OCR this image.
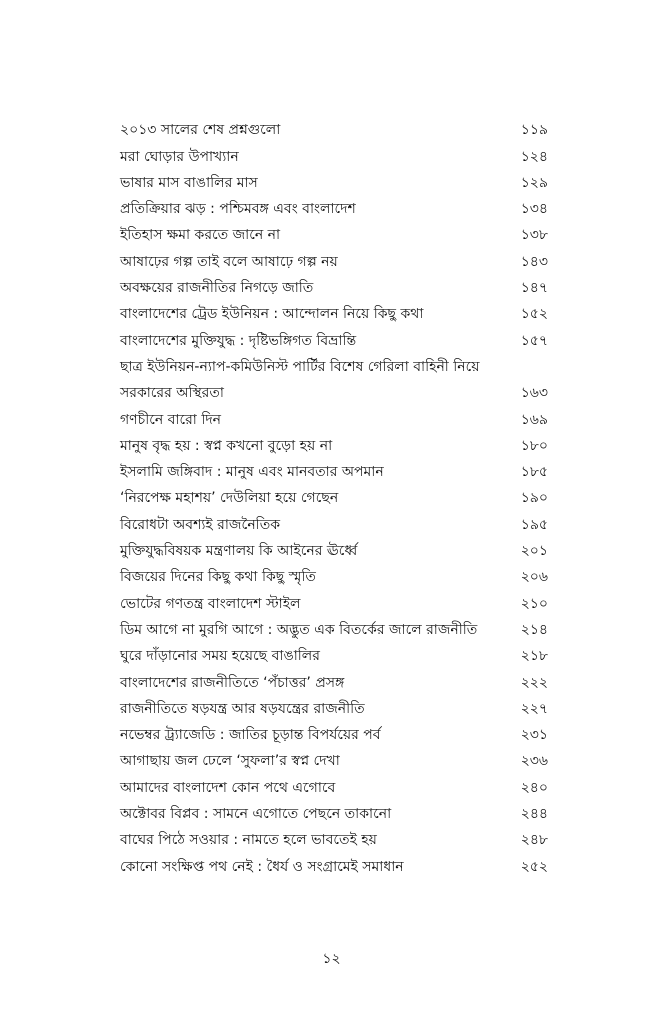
২০১৩ সালের শেষ প্রশ্নগুলো	১১৯
মরা ঘোড়ার উপাখ্যান	১২৪
ভাষার মাস বাঙালির মাস	১২৯
প্রতিক্রিয়ার ঝড় : পশ্চিমবঙ্গ এবং বাংলাদেশ	১৩৪
ইতিহাস ক্ষমা করতে জানে না	১৩৮
আষাঢ়ের গল্প তাই বলে আষাঢ়ে গল্প নয়	১৪৩
অবক্ষয়ের রাজনীতির নিগড়ে জাতি	১৪৭
বাংলাদেশের ট্রেড ইউনিয়ন : আন্দোলন নিয়ে কিছু কথা	১৫২
বাংলাদেশের মুক্তিযুদ্ধ : দৃষ্টিভঙ্গিগত বিভ্রান্তি	১৫৭
ছাত্র ইউনিয়ন-ন্যাপ-কমিউনিস্ট পার্টির বিশেষ গেরিলা বাহিনী নিয়ে সরকারের অস্থিরতা	১৬৩
গণচীনে বারো দিন	১৬৯
মানুষ বৃদ্ধ হয় : স্বপ্ন কখনো বুড়ো হয় না	১৮০
ইসলামি জঙ্গিবাদ : মানুষ এবং মানবতার অপমান	১৮৫
‘নিরপেক্ষ মহাশয়’ দেউলিয়া হয়ে গেছেন	১৯০
বিরোধটা অবশ্যই রাজনৈতিক	১৯৫
মুক্তিযুদ্ধবিষয়ক মন্ত্রণালয় কি আইনের ঊর্ধ্বে	২০১
বিজয়ের দিনের কিছু কথা কিছু স্মৃতি	২০৬
ভোটের গণতন্ত্র বাংলাদেশ স্টাইল	২১০
ডিম আগে না মুরগি আগে : অদ্ভুত এক বিতর্কের জালে রাজনীতি	২১৪
ঘুরে দাঁড়ানোর সময় হয়েছে বাঙালির	২১৮
বাংলাদেশের রাজনীতিতে ‘পঁচাত্তর’ প্রসঙ্গ	২২২
রাজনীতিতে ষড়যন্ত্র আর ষড়যন্ত্রের রাজনীতি	২২৭
নভেম্বর ট্র্যাজেডি : জাতির চূড়ান্ত বিপর্যয়ের পর্ব	২৩১
আগাছায় জল ঢেলে ‘সুফলা’র স্বপ্ন দেখা	২৩৬
আমাদের বাংলাদেশ কোন পথে এগোবে	২৪০
অক্টোবর বিপ্লব : সামনে এগোতে পেছনে তাকানো	২৪৪
বাঘের পিঠে সওয়ার : নামতে হলে ভাবতেই হয়	২৪৮
কোনো সংক্ষিপ্ত পথ নেই : ধৈর্য ও সংগ্রামেই সমাধান	২৫২
১২
